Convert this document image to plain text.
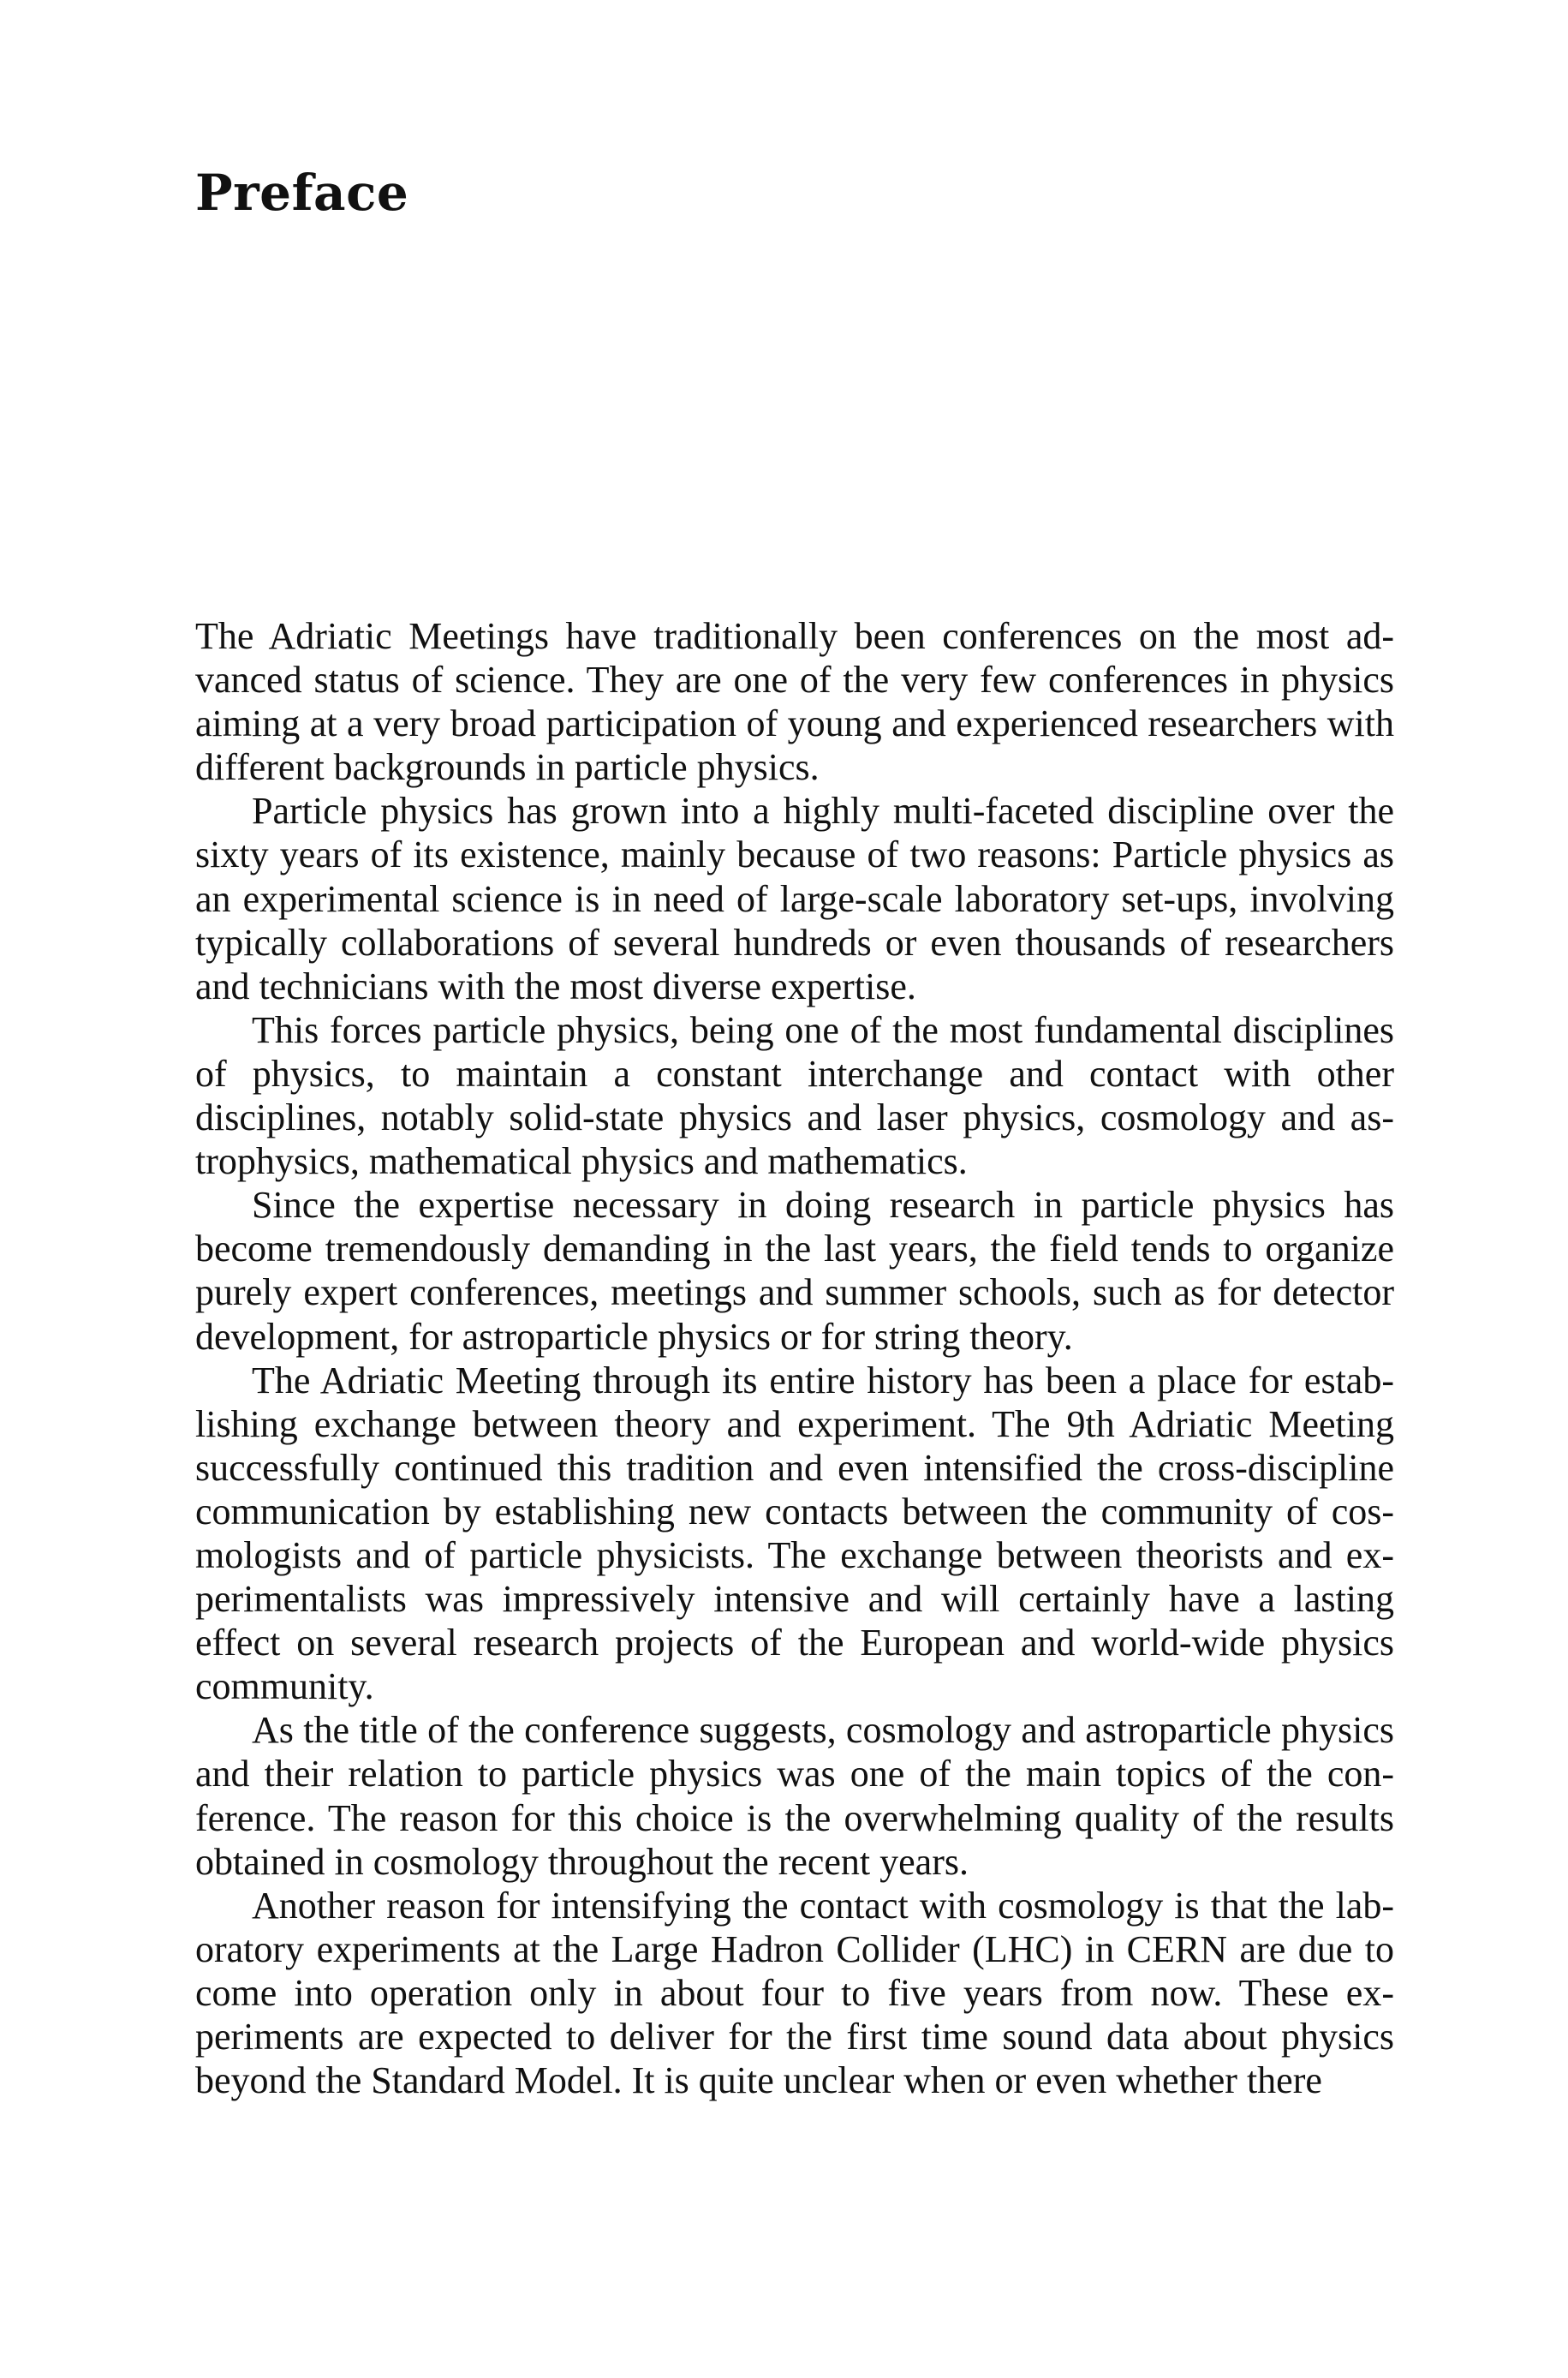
Preface

The Adriatic Meetings have traditionally been conferences on the most advanced status of science. They are one of the very few conferences in physics aiming at a very broad participation of young and experienced researchers with different backgrounds in particle physics.

Particle physics has grown into a highly multi-faceted discipline over the sixty years of its existence, mainly because of two reasons: Particle physics as an experimental science is in need of large-scale laboratory set-ups, involving typically collaborations of several hundreds or even thousands of researchers and technicians with the most diverse expertise.

This forces particle physics, being one of the most fundamental disciplines of physics, to maintain a constant interchange and contact with other disciplines, notably solid-state physics and laser physics, cosmology and astrophysics, mathematical physics and mathematics.

Since the expertise necessary in doing research in particle physics has become tremendously demanding in the last years, the field tends to organize purely expert conferences, meetings and summer schools, such as for detector development, for astroparticle physics or for string theory.

The Adriatic Meeting through its entire history has been a place for establishing exchange between theory and experiment. The 9th Adriatic Meeting successfully continued this tradition and even intensified the cross-discipline communication by establishing new contacts between the community of cosmologists and of particle physicists. The exchange between theorists and experimentalists was impressively intensive and will certainly have a lasting effect on several research projects of the European and world-wide physics community.

As the title of the conference suggests, cosmology and astroparticle physics and their relation to particle physics was one of the main topics of the conference. The reason for this choice is the overwhelming quality of the results obtained in cosmology throughout the recent years.

Another reason for intensifying the contact with cosmology is that the laboratory experiments at the Large Hadron Collider (LHC) in CERN are due to come into operation only in about four to five years from now. These experiments are expected to deliver for the first time sound data about physics beyond the Standard Model. It is quite unclear when or even whether there
